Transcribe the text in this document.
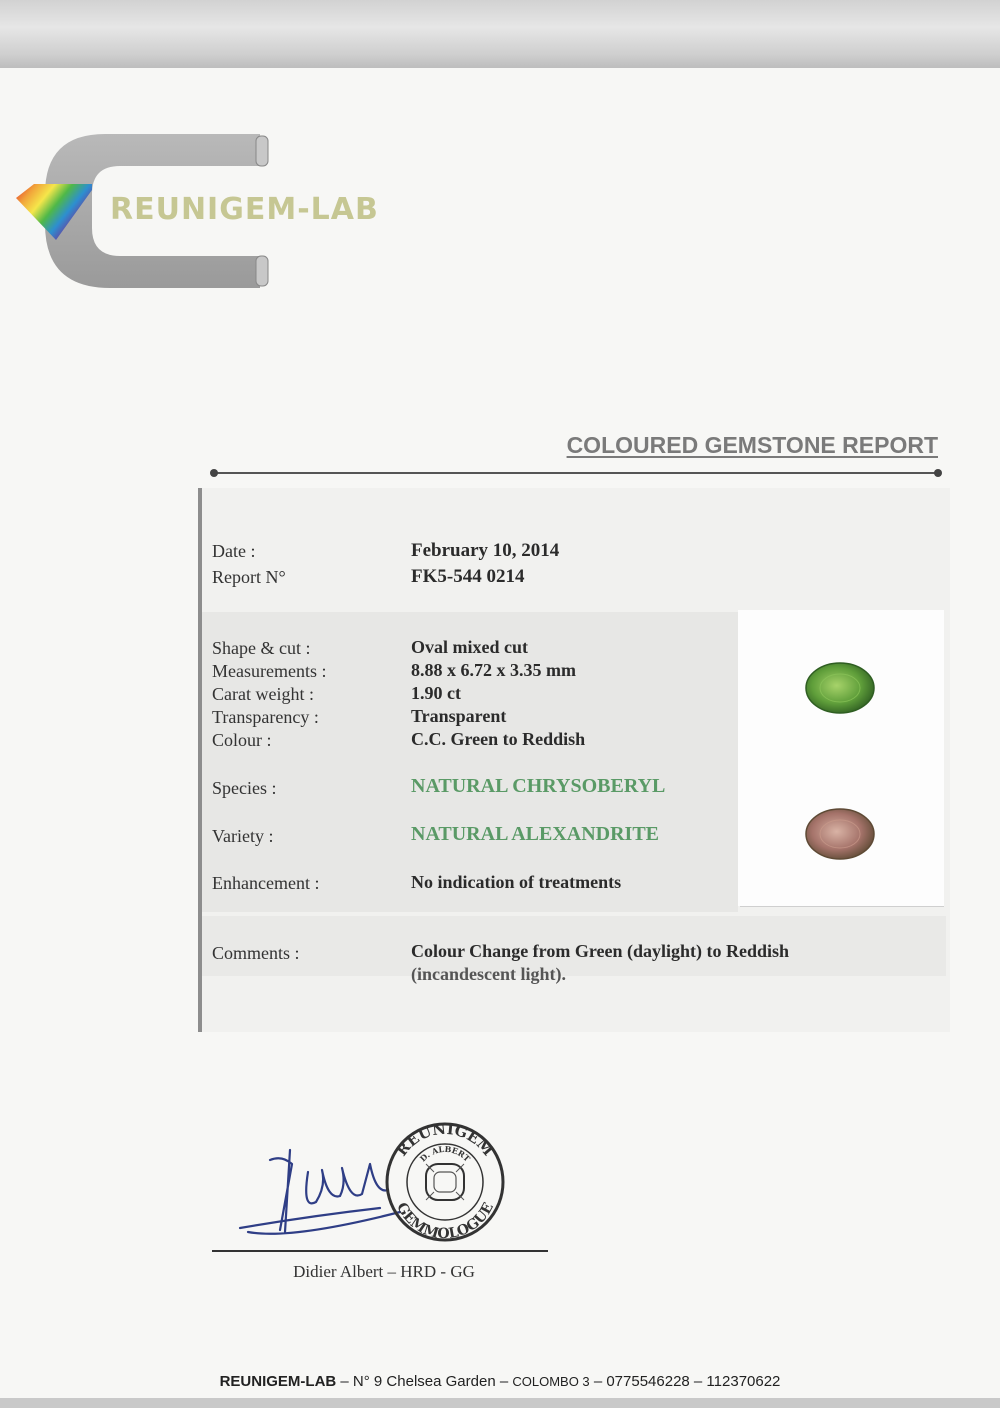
REUNIGEM-LAB
COLOURED GEMSTONE REPORT
Date :	February 10, 2014
Report N°	FK5-544 0214
Shape & cut :	Oval mixed cut
Measurements :	8.88 x 6.72 x 3.35 mm
Carat weight :	1.90 ct
Transparency :	Transparent
Colour :	C.C. Green to Reddish
Species :	NATURAL CHRYSOBERYL
Variety :	NATURAL ALEXANDRITE
Enhancement :	No indication of treatments
Comments :	Colour Change from Green (daylight) to Reddish
(incandescent light).
REUNIGEM
D. ALBERT
GEMMOLOGUE
Didier Albert – HRD - GG
REUNIGEM-LAB – N° 9 Chelsea Garden – COLOMBO 3 – 0775546228 – 112370622
